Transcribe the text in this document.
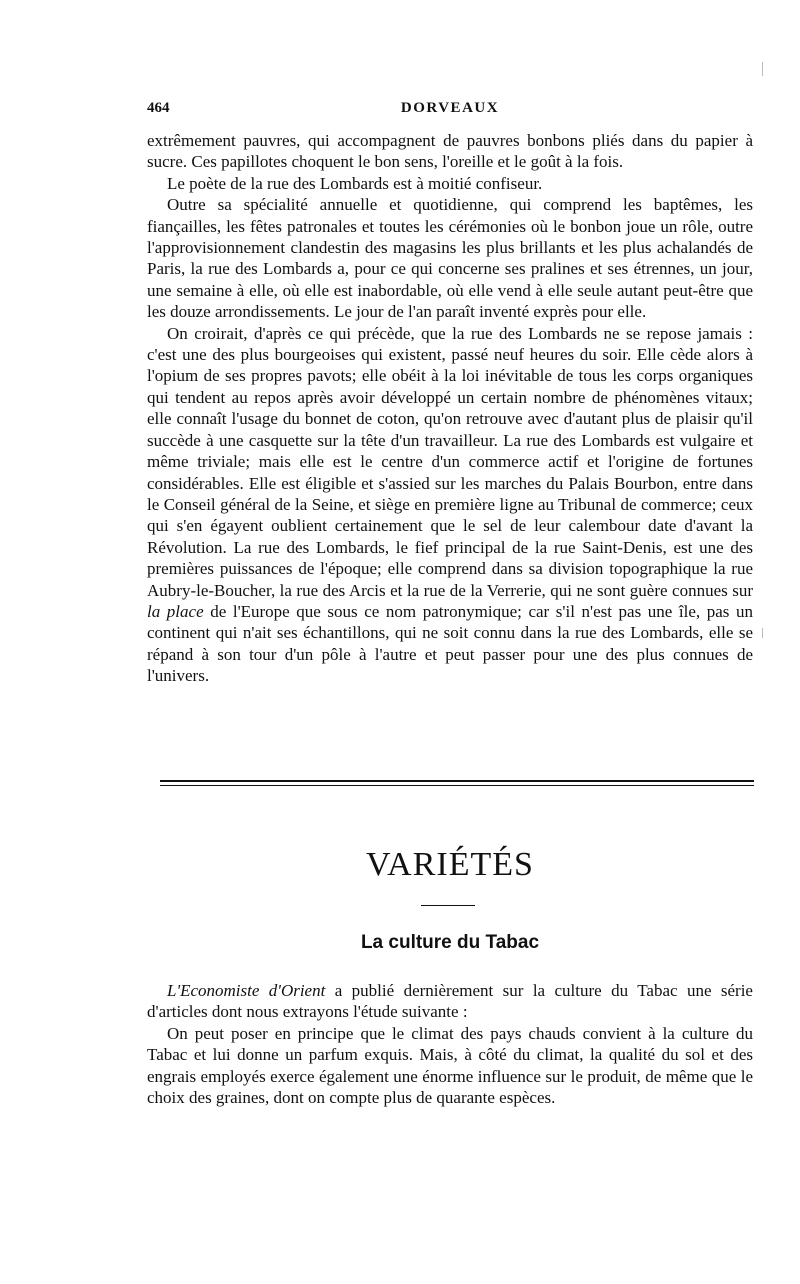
464	DORVEAUX

extrêmement pauvres, qui accompagnent de pauvres bonbons pliés dans du papier à sucre. Ces papillotes choquent le bon sens, l'oreille et le goût à la fois.

Le poète de la rue des Lombards est à moitié confiseur.

Outre sa spécialité annuelle et quotidienne, qui comprend les baptêmes, les fiançailles, les fêtes patronales et toutes les cérémonies où le bonbon joue un rôle, outre l'approvisionnement clandestin des magasins les plus brillants et les plus achalandés de Paris, la rue des Lombards a, pour ce qui concerne ses pralines et ses étrennes, un jour, une semaine à elle, où elle est inabordable, où elle vend à elle seule autant peut-être que les douze arrondissements. Le jour de l'an paraît inventé exprès pour elle.

On croirait, d'après ce qui précède, que la rue des Lombards ne se repose jamais : c'est une des plus bourgeoises qui existent, passé neuf heures du soir. Elle cède alors à l'opium de ses propres pavots; elle obéit à la loi inévitable de tous les corps organiques qui tendent au repos après avoir développé un certain nombre de phénomènes vitaux; elle connaît l'usage du bonnet de coton, qu'on retrouve avec d'autant plus de plaisir qu'il succède à une casquette sur la tête d'un travailleur. La rue des Lombards est vulgaire et même triviale; mais elle est le centre d'un commerce actif et l'origine de fortunes considérables. Elle est éligible et s'assied sur les marches du Palais Bourbon, entre dans le Conseil général de la Seine, et siège en première ligne au Tribunal de commerce; ceux qui s'en égayent oublient certainement que le sel de leur calembour date d'avant la Révolution. La rue des Lombards, le fief principal de la rue Saint-Denis, est une des premières puissances de l'époque; elle comprend dans sa division topographique la rue Aubry-le-Boucher, la rue des Arcis et la rue de la Verrerie, qui ne sont guère connues sur la place de l'Europe que sous ce nom patronymique; car s'il n'est pas une île, pas un continent qui n'ait ses échantillons, qui ne soit connu dans la rue des Lombards, elle se répand à son tour d'un pôle à l'autre et peut passer pour une des plus connues de l'univers.

VARIÉTÉS
La culture du Tabac

L'Economiste d'Orient a publié dernièrement sur la culture du Tabac une série d'articles dont nous extrayons l'étude suivante :

On peut poser en principe que le climat des pays chauds convient à la culture du Tabac et lui donne un parfum exquis. Mais, à côté du climat, la qualité du sol et des engrais employés exerce également une énorme influence sur le produit, de même que le choix des graines, dont on compte plus de quarante espèces.
